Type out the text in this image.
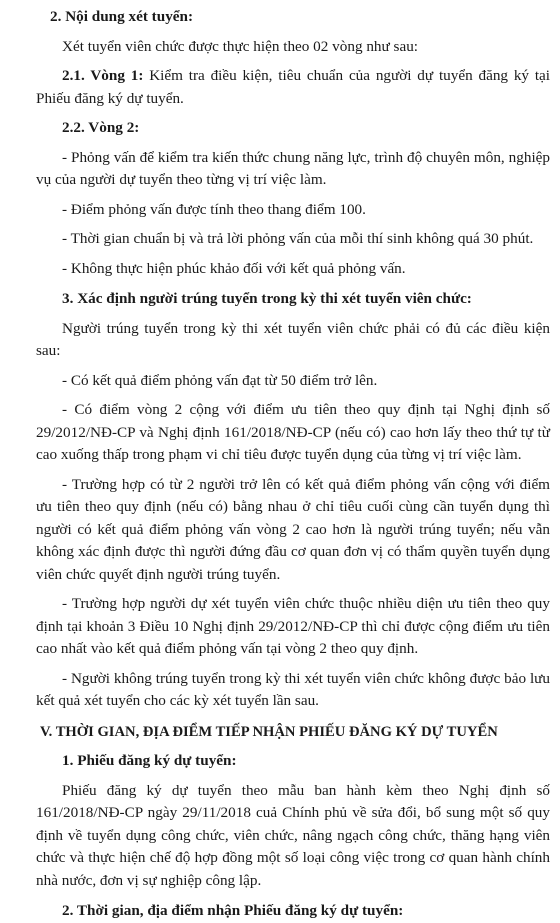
2. Nội dung xét tuyển:

Xét tuyển viên chức được thực hiện theo 02 vòng như sau:

2.1. Vòng 1: Kiểm tra điều kiện, tiêu chuẩn của người dự tuyển đăng ký tại Phiếu đăng ký dự tuyển.

2.2. Vòng 2:

- Phỏng vấn để kiểm tra kiến thức chung năng lực, trình độ chuyên môn, nghiệp vụ của người dự tuyển theo từng vị trí việc làm.

- Điểm phỏng vấn được tính theo thang điểm 100.

- Thời gian chuẩn bị và trả lời phỏng vấn của mỗi thí sinh không quá 30 phút.

- Không thực hiện phúc khảo đối với kết quả phỏng vấn.

3. Xác định người trúng tuyển trong kỳ thi xét tuyển viên chức:

Người trúng tuyển trong kỳ thi xét tuyển viên chức phải có đủ các điều kiện sau:

- Có kết quả điểm phỏng vấn đạt từ 50 điểm trở lên.

- Có điểm vòng 2 cộng với điểm ưu tiên theo quy định tại Nghị định số 29/2012/NĐ-CP và Nghị định 161/2018/NĐ-CP (nếu có) cao hơn lấy theo thứ tự từ cao xuống thấp trong phạm vi chỉ tiêu được tuyển dụng của từng vị trí việc làm.

- Trường hợp có từ 2 người trở lên có kết quả điểm phỏng vấn cộng với điểm ưu tiên theo quy định (nếu có) bằng nhau ở chỉ tiêu cuối cùng cần tuyển dụng thì người có kết quả điểm phỏng vấn vòng 2 cao hơn là người trúng tuyển; nếu vẫn không xác định được thì người đứng đầu cơ quan đơn vị có thẩm quyền tuyển dụng viên chức quyết định người trúng tuyển.

- Trường hợp người dự xét tuyển viên chức thuộc nhiều diện ưu tiên theo quy định tại khoản 3 Điều 10 Nghị định 29/2012/NĐ-CP thì chỉ được cộng điểm ưu tiên cao nhất vào kết quả điểm phỏng vấn tại vòng 2 theo quy định.

- Người không trúng tuyển trong kỳ thi xét tuyển viên chức không được bảo lưu kết quả xét tuyển cho các kỳ xét tuyển lần sau.

V. THỜI GIAN, ĐỊA ĐIỂM TIẾP NHẬN PHIẾU ĐĂNG KÝ DỰ TUYỂN

1. Phiếu đăng ký dự tuyển:

Phiếu đăng ký dự tuyển theo mẫu ban hành kèm theo Nghị định số 161/2018/NĐ-CP ngày 29/11/2018 cuả Chính phủ về sửa đổi, bổ sung một số quy định về tuyển dụng công chức, viên chức, nâng ngạch công chức, thăng hạng viên chức và thực hiện chế độ hợp đồng một số loại công việc trong cơ quan hành chính nhà nước, đơn vị sự nghiệp công lập.

2. Thời gian, địa điểm nhận Phiếu đăng ký dự tuyển:
